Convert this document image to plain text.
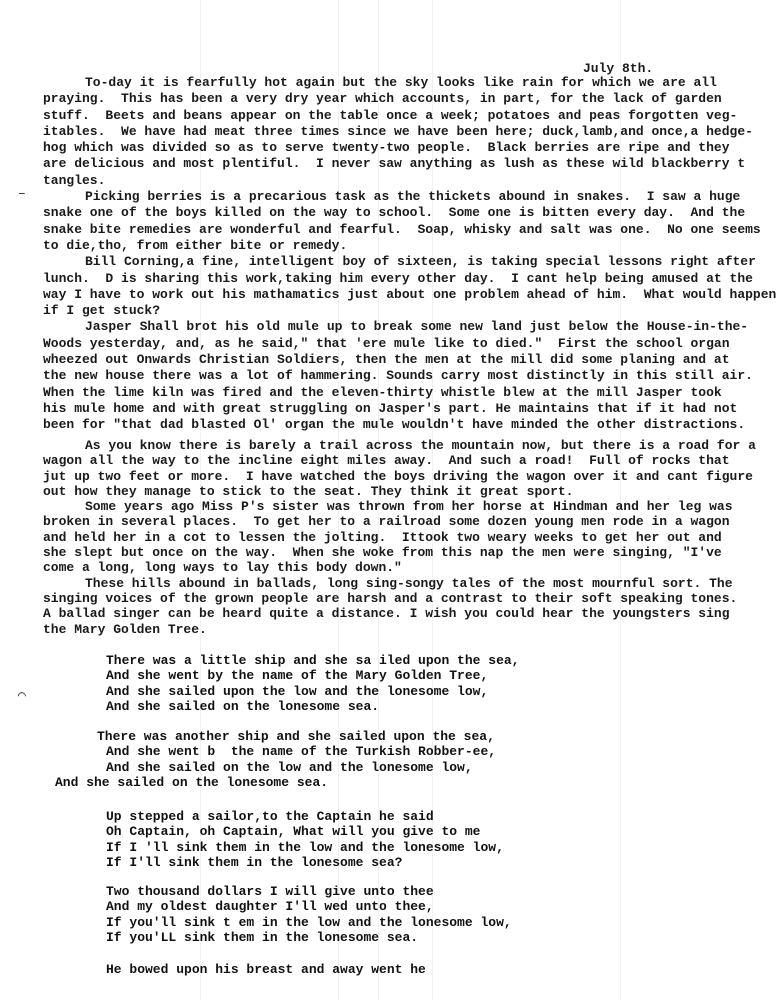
–
⌒
July 8th.
To-day it is fearfully hot again but the sky looks like rain for which we are all
praying.  This has been a very dry year which accounts, in part, for the lack of garden
stuff.  Beets and beans appear on the table once a week; potatoes and peas forgotten veg-
itables.  We have had meat three times since we have been here; duck,lamb,and once,a hedge-
hog which was divided so as to serve twenty-two people.  Black berries are ripe and they
are delicious and most plentiful.  I never saw anything as lush as these wild blackberry t
tangles.
Picking berries is a precarious task as the thickets abound in snakes.  I saw a huge
snake one of the boys killed on the way to school.  Some one is bitten every day.  And the
snake bite remedies are wonderful and fearful.  Soap, whisky and salt was one.  No one seems
to die,tho, from either bite or remedy.
Bill Corning,a fine, intelligent boy of sixteen, is taking special lessons right after
lunch.  D is sharing this work,taking him every other day.  I cant help being amused at the
way I have to work out his mathamatics just about one problem ahead of him.  What would happen
if I get stuck?
Jasper Shall brot his old mule up to break some new land just below the House-in-the-
Woods yesterday, and, as he said," that 'ere mule like to died."  First the school organ
wheezed out Onwards Christian Soldiers, then the men at the mill did some planing and at
the new house there was a lot of hammering. Sounds carry most distinctly in this still air.
When the lime kiln was fired and the eleven-thirty whistle blew at the mill Jasper took
his mule home and with great struggling on Jasper's part. He maintains that if it had not
been for "that dad blasted Ol' organ the mule wouldn't have minded the other distractions.
As you know there is barely a trail across the mountain now, but there is a road for a
wagon all the way to the incline eight miles away.  And such a road!  Full of rocks that
jut up two feet or more.  I have watched the boys driving the wagon over it and cant figure
out how they manage to stick to the seat. They think it great sport.
Some years ago Miss P's sister was thrown from her horse at Hindman and her leg was
broken in several places.  To get her to a railroad some dozen young men rode in a wagon
and held her in a cot to lessen the jolting.  Ittook two weary weeks to get her out and
she slept but once on the way.  When she woke from this nap the men were singing, "I've
come a long, long ways to lay this body down."
These hills abound in ballads, long sing-songy tales of the most mournful sort. The
singing voices of the grown people are harsh and a contrast to their soft speaking tones.
A ballad singer can be heard quite a distance. I wish you could hear the youngsters sing
the Mary Golden Tree.
There was a little ship and she sa iled upon the sea,
And she went by the name of the Mary Golden Tree,
And she sailed upon the low and the lonesome low,
And she sailed on the lonesome sea.
There was another ship and she sailed upon the sea,
And she went b  the name of the Turkish Robber-ee,
And she sailed on the low and the lonesome low,
And she sailed on the lonesome sea.
Up stepped a sailor,to the Captain he said
Oh Captain, oh Captain, What will you give to me
If I 'll sink them in the low and the lonesome low,
If I'll sink them in the lonesome sea?
Two thousand dollars I will give unto thee
And my oldest daughter I'll wed unto thee,
If you'll sink t em in the low and the lonesome low,
If you'LL sink them in the lonesome sea.
He bowed upon his breast and away went he
